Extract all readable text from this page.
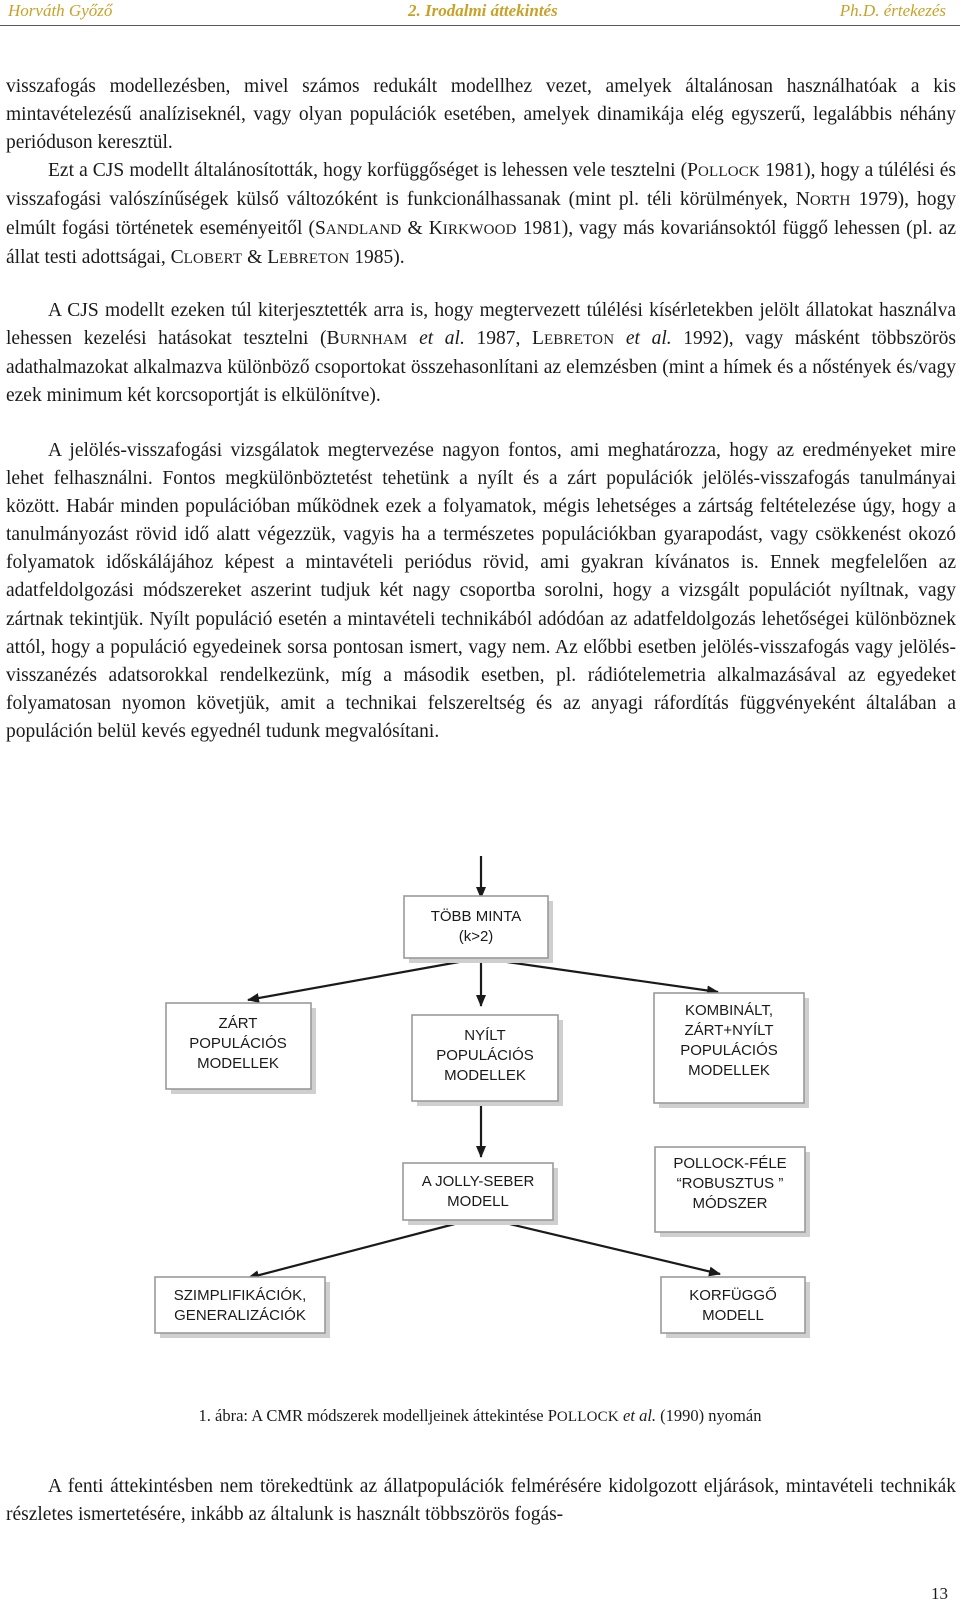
Horváth Győző	2. Irodalmi áttekintés	Ph.D. értekezés

visszafogás modellezésben, mivel számos redukált modellhez vezet, amelyek általánosan használhatóak a kis mintavételezésű analíziseknél, vagy olyan populációk esetében, amelyek dinamikája elég egyszerű, legalábbis néhány perióduson keresztül.

Ezt a CJS modellt általánosították, hogy korfüggőséget is lehessen vele tesztelni (POLLOCK 1981), hogy a túlélési és visszafogási valószínűségek külső változóként is funkcionálhassanak (mint pl. téli körülmények, NORTH 1979), hogy elmúlt fogási történetek eseményeitől (SANDLAND & KIRKWOOD 1981), vagy más kovariánsoktól függő lehessen (pl. az állat testi adottságai, CLOBERT & LEBRETON 1985).

A CJS modellt ezeken túl kiterjesztették arra is, hogy megtervezett túlélési kísérletekben jelölt állatokat használva lehessen kezelési hatásokat tesztelni (BURNHAM et al. 1987, LEBRETON et al. 1992), vagy másként többszörös adathalmazokat alkalmazva különböző csoportokat összehasonlítani az elemzésben (mint a hímek és a nőstények és/vagy ezek minimum két korcsoportját is elkülönítve).

A jelölés-visszafogási vizsgálatok megtervezése nagyon fontos, ami meghatározza, hogy az eredményeket mire lehet felhasználni. Fontos megkülönböztetést tehetünk a nyílt és a zárt populációk jelölés-visszafogás tanulmányai között. Habár minden populációban működnek ezek a folyamatok, mégis lehetséges a zártság feltételezése úgy, hogy a tanulmányozást rövid idő alatt végezzük, vagyis ha a természetes populációkban gyarapodást, vagy csökkenést okozó folyamatok időskálájához képest a mintavételi periódus rövid, ami gyakran kívánatos is. Ennek megfelelően az adatfeldolgozási módszereket aszerint tudjuk két nagy csoportba sorolni, hogy a vizsgált populációt nyíltnak, vagy zártnak tekintjük. Nyílt populáció esetén a mintavételi technikából adódóan az adatfeldolgozás lehetőségei különböznek attól, hogy a populáció egyedeinek sorsa pontosan ismert, vagy nem. Az előbbi esetben jelölés-visszafogás vagy jelölés-visszanézés adatsorokkal rendelkezünk, míg a második esetben, pl. rádiótelemetria alkalmazásával az egyedeket folyamatosan nyomon követjük, amit a technikai felszereltség és az anyagi ráfordítás függvényeként általában a populáción belül kevés egyednél tudunk megvalósítani.

TÖBB MINTA (k>2)
ZÁRT POPULÁCIÓS MODELLEK
NYÍLT POPULÁCIÓS MODELLEK
KOMBINÁLT, ZÁRT+NYÍLT POPULÁCIÓS MODELLEK
A JOLLY-SEBER MODELL
POLLOCK-FÉLE “ROBUSZTUS ” MÓDSZER
SZIMPLIFIKÁCIÓK, GENERALIZÁCIÓK
KORFÜGGŐ MODELL
1. ábra: A CMR módszerek modelljeinek áttekintése POLLOCK et al. (1990) nyomán

A fenti áttekintésben nem törekedtünk az állatpopulációk felmérésére kidolgozott eljárások, mintavételi technikák részletes ismertetésére, inkább az általunk is használt többszörös fogás-

13
